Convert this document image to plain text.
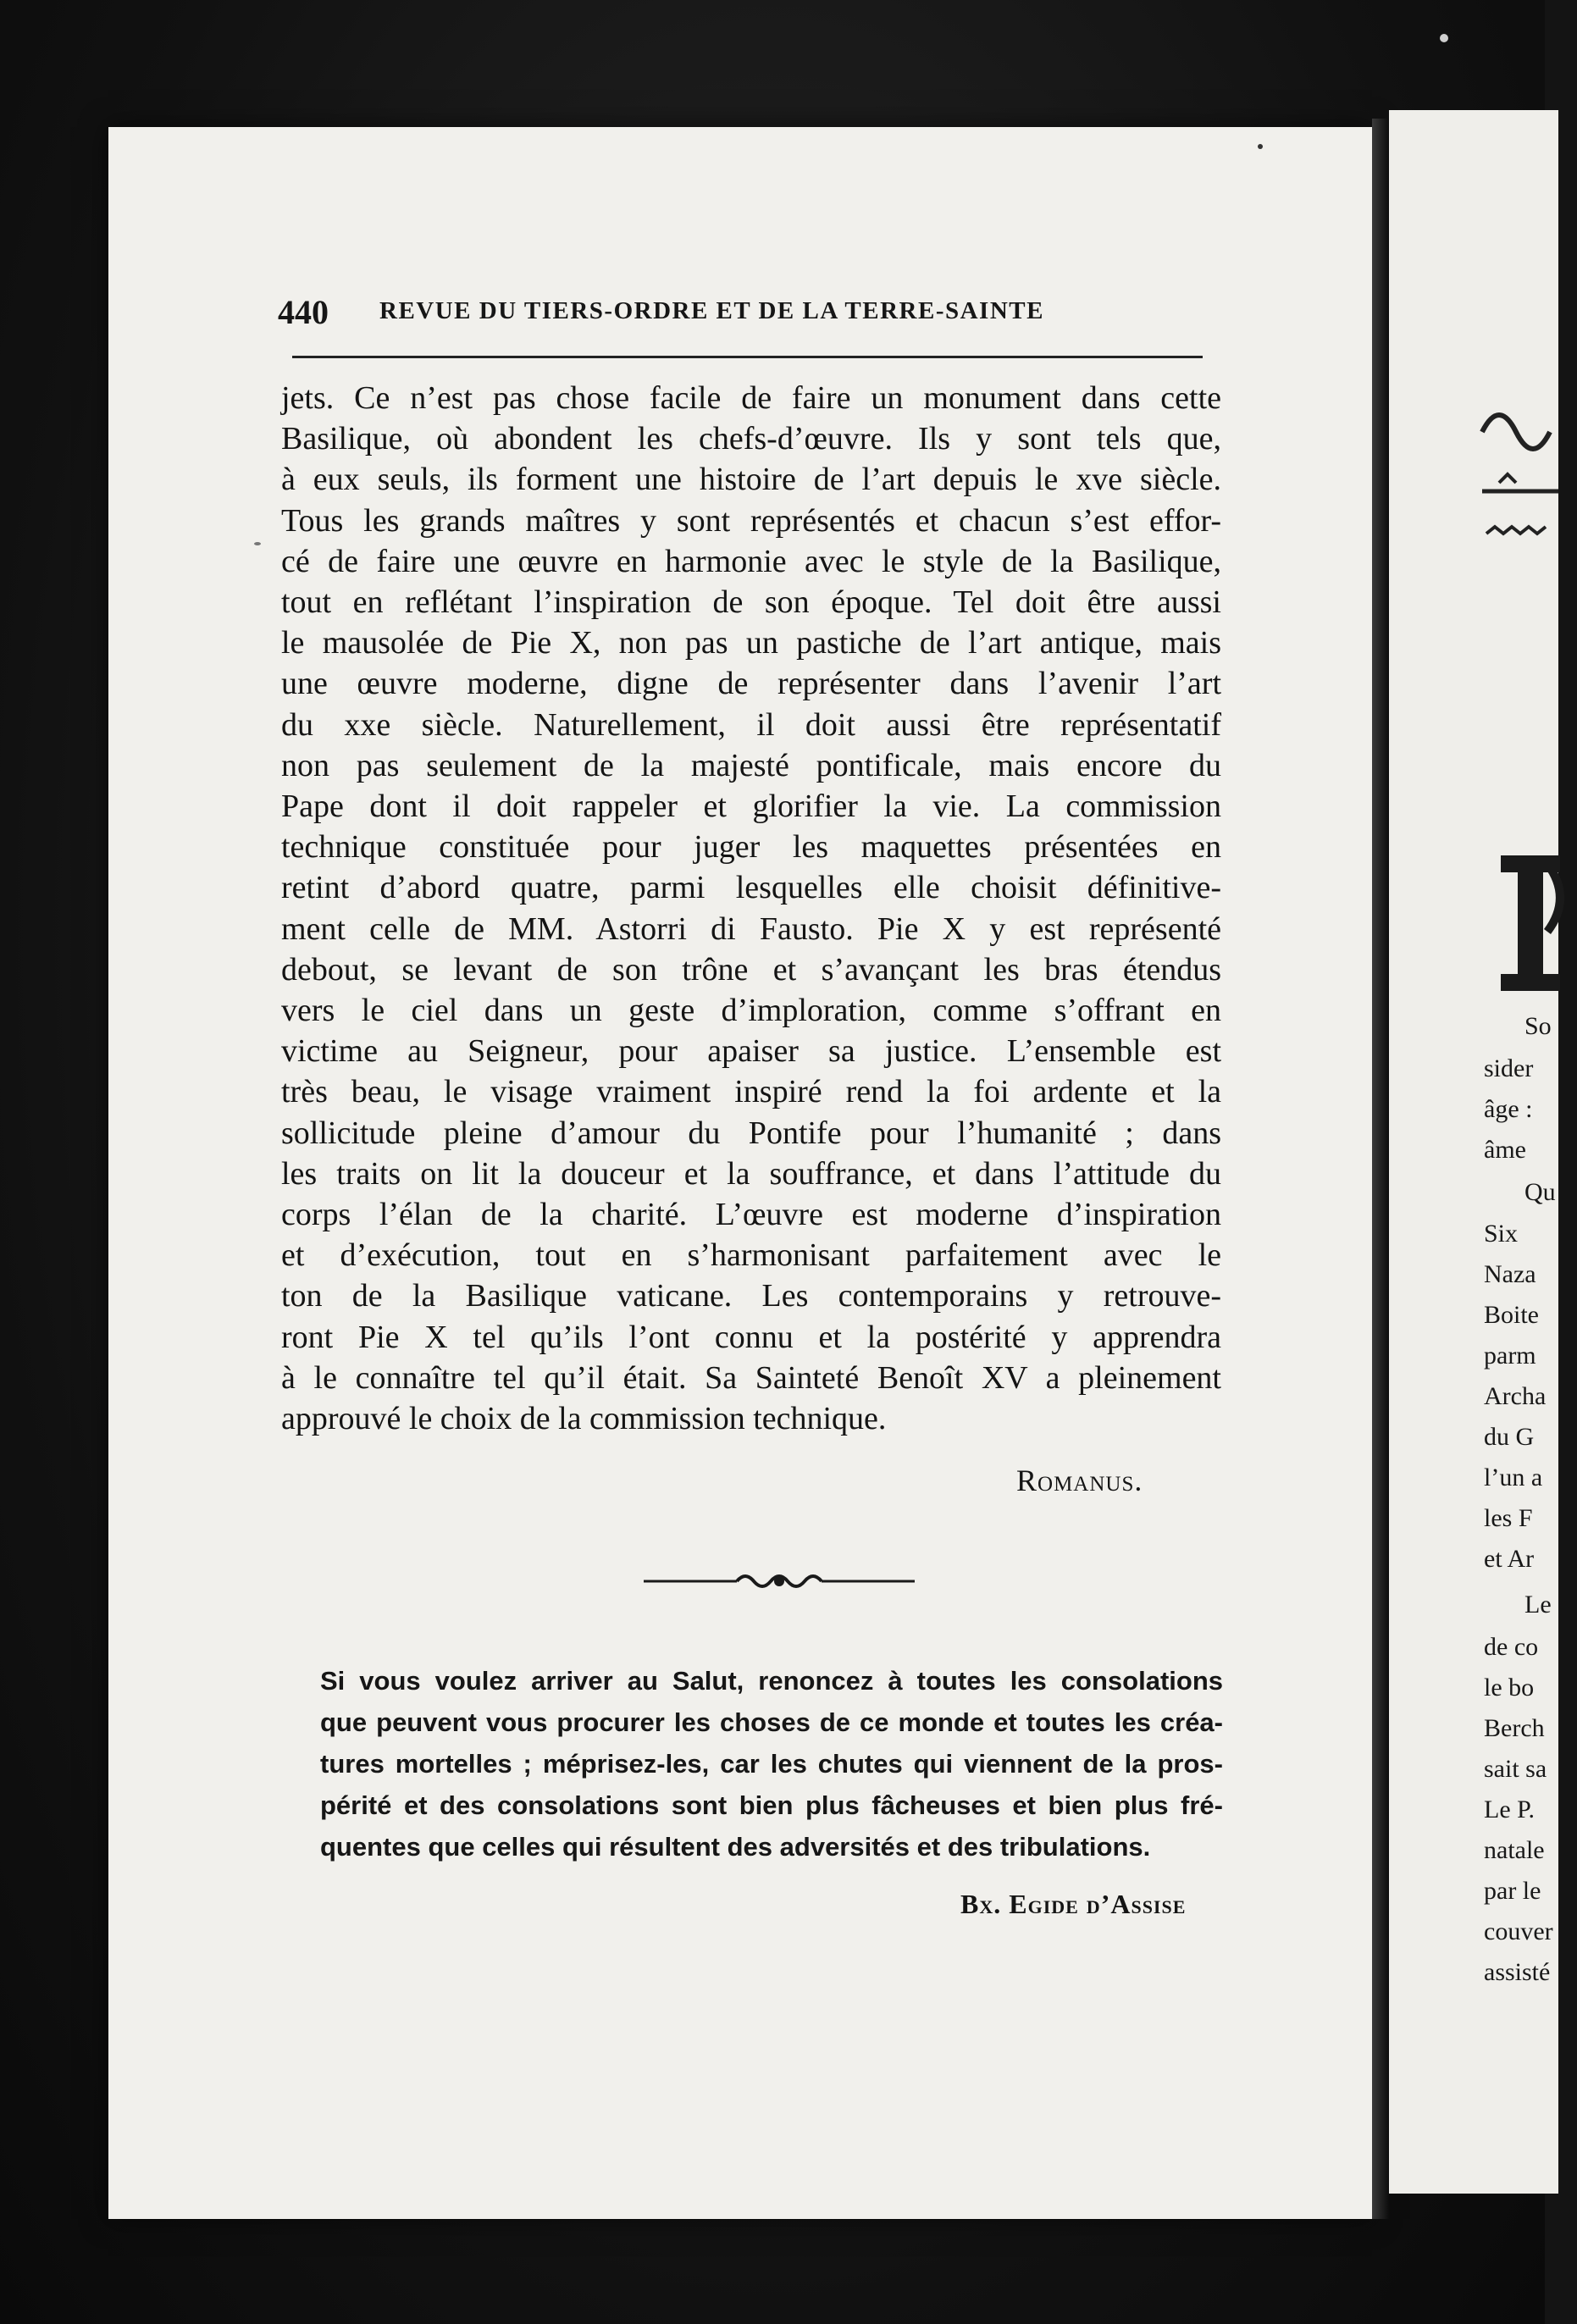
So
sider
âge :
âme
Qu
Six
Naza
Boite
parm
Archa
du G
l’un a
les F
et Ar
Le
de co
le bo
Berch
sait sa
Le P.
natale
par le
couver
assisté
440 REVUE DU TIERS-ORDRE ET DE LA TERRE-SAINTE
jets. Ce n’est pas chose facile de faire un monument dans cette
Basilique, où abondent les chefs-d’œuvre. Ils y sont tels que,
à eux seuls, ils forment une histoire de l’art depuis le xve siècle.
Tous les grands maîtres y sont représentés et chacun s’est effor-
cé de faire une œuvre en harmonie avec le style de la Basilique,
tout en reflétant l’inspiration de son époque. Tel doit être aussi
le mausolée de Pie X, non pas un pastiche de l’art antique, mais
une œuvre moderne, digne de représenter dans l’avenir l’art
du xxe siècle. Naturellement, il doit aussi être représentatif
non pas seulement de la majesté pontificale, mais encore du
Pape dont il doit rappeler et glorifier la vie. La commission
technique constituée pour juger les maquettes présentées en
retint d’abord quatre, parmi lesquelles elle choisit définitive-
ment celle de MM. Astorri di Fausto. Pie X y est représenté
debout, se levant de son trône et s’avançant les bras étendus
vers le ciel dans un geste d’imploration, comme s’offrant en
victime au Seigneur, pour apaiser sa justice. L’ensemble est
très beau, le visage vraiment inspiré rend la foi ardente et la
sollicitude pleine d’amour du Pontife pour l’humanité ; dans
les traits on lit la douceur et la souffrance, et dans l’attitude du
corps l’élan de la charité. L’œuvre est moderne d’inspiration
et d’exécution, tout en s’harmonisant parfaitement avec le
ton de la Basilique vaticane. Les contemporains y retrouve-
ront Pie X tel qu’ils l’ont connu et la postérité y apprendra
à le connaître tel qu’il était. Sa Sainteté Benoît XV a pleinement
approuvé le choix de la commission technique.
Romanus.
Si vous voulez arriver au Salut, renoncez à toutes les consolations
que peuvent vous procurer les choses de ce monde et toutes les créa-
tures mortelles ; méprisez-les, car les chutes qui viennent de la pros-
périté et des consolations sont bien plus fâcheuses et bien plus fré-
quentes que celles qui résultent des adversités et des tribulations.
Bx. Egide d’Assise
